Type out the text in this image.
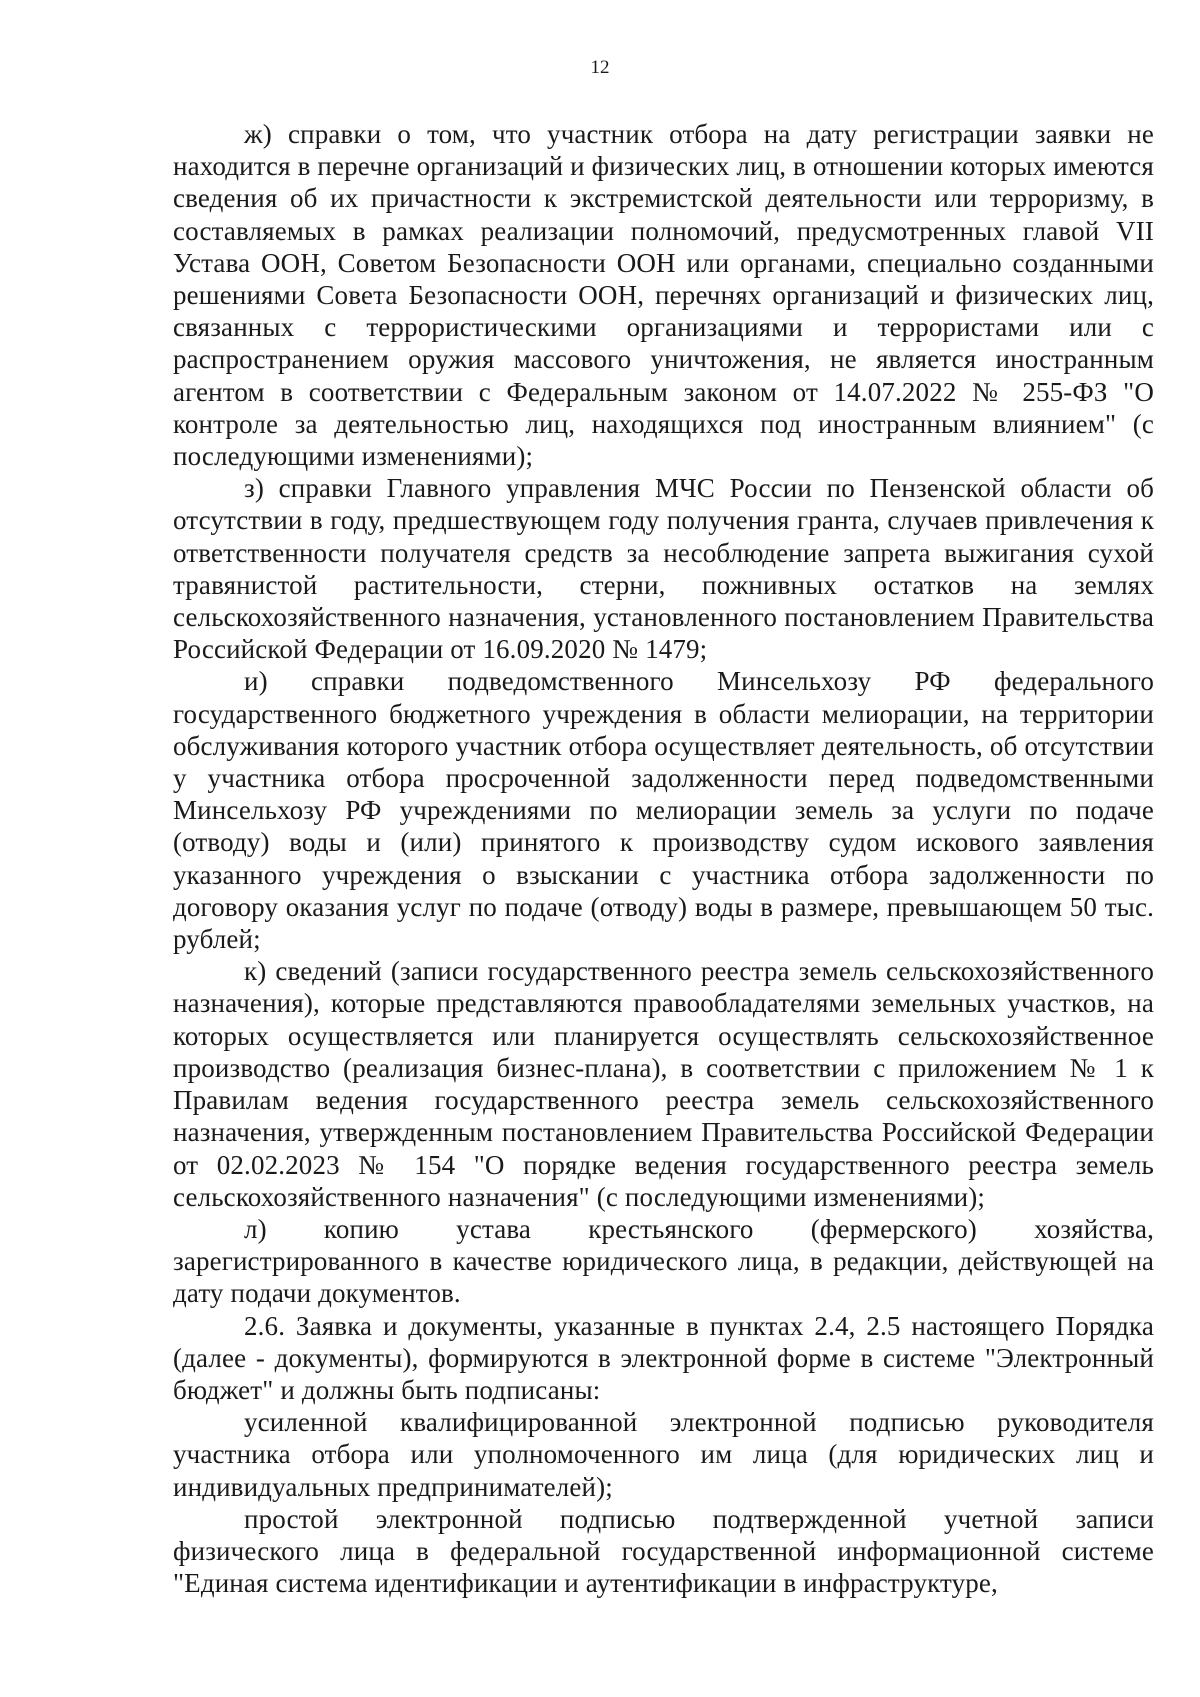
12

ж) справки о том, что участник отбора на дату регистрации заявки не находится в перечне организаций и физических лиц, в отношении которых имеются сведения об их причастности к экстремистской деятельности или терроризму, в составляемых в рамках реализации полномочий, предусмотренных главой VII Устава ООН, Советом Безопасности ООН или органами, специально созданными решениями Совета Безопасности ООН, перечнях организаций и физических лиц, связанных с террористическими организациями и террористами или с распространением оружия массового уничтожения, не является иностранным агентом в соответствии с Федеральным законом от 14.07.2022 № 255-ФЗ "О контроле за деятельностью лиц, находящихся под иностранным влиянием" (с последующими изменениями);

з) справки Главного управления МЧС России по Пензенской области об отсутствии в году, предшествующем году получения гранта, случаев привлечения к ответственности получателя средств за несоблюдение запрета выжигания сухой травянистой растительности, стерни, пожнивных остатков на землях сельскохозяйственного назначения, установленного постановлением Правительства Российской Федерации от 16.09.2020 № 1479;

и) справки подведомственного Минсельхозу РФ федерального государственного бюджетного учреждения в области мелиорации, на территории обслуживания которого участник отбора осуществляет деятельность, об отсутствии у участника отбора просроченной задолженности перед подведомственными Минсельхозу РФ учреждениями по мелиорации земель за услуги по подаче (отводу) воды и (или) принятого к производству судом искового заявления указанного учреждения о взыскании с участника отбора задолженности по договору оказания услуг по подаче (отводу) воды в размере, превышающем 50 тыс. рублей;

к) сведений (записи государственного реестра земель сельскохозяйственного назначения), которые представляются правообладателями земельных участков, на которых осуществляется или планируется осуществлять сельскохозяйственное производство (реализация бизнес-плана), в соответствии с приложением № 1 к Правилам ведения государственного реестра земель сельскохозяйственного назначения, утвержденным постановлением Правительства Российской Федерации от 02.02.2023 № 154 "О порядке ведения государственного реестра земель сельскохозяйственного назначения" (с последующими изменениями);

л) копию устава крестьянского (фермерского) хозяйства, зарегистрированного в качестве юридического лица, в редакции, действующей на дату подачи документов.

2.6. Заявка и документы, указанные в пунктах 2.4, 2.5 настоящего Порядка (далее - документы), формируются в электронной форме в системе "Электронный бюджет" и должны быть подписаны:

усиленной квалифицированной электронной подписью руководителя участника отбора или уполномоченного им лица (для юридических лиц и индивидуальных предпринимателей);

простой электронной подписью подтвержденной учетной записи физического лица в федеральной государственной информационной системе "Единая система идентификации и аутентификации в инфраструктуре,
